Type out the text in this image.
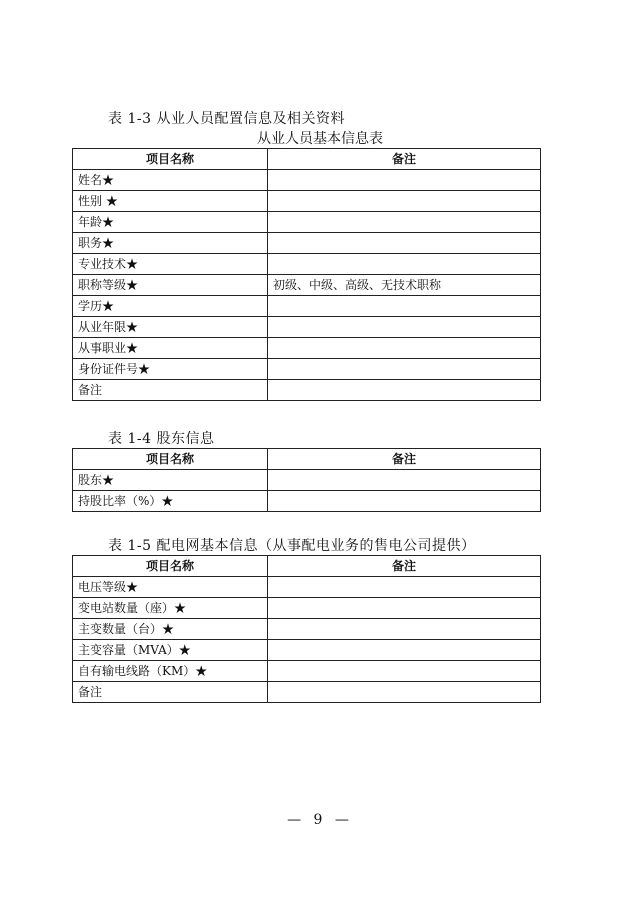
表 1-3 从业人员配置信息及相关资料
从业人员基本信息表
项目名称	备注
姓名★	
性别 ★	
年龄★	
职务★	
专业技术★	
职称等级★	初级、中级、高级、无技术职称
学历★	
从业年限★	
从事职业★	
身份证件号★	
备注	
表 1-4 股东信息
项目名称	备注
股东★	
持股比率（%）★	
表 1-5 配电网基本信息（从事配电业务的售电公司提供）
项目名称	备注
电压等级★	
变电站数量（座）★	
主变数量（台）★	
主变容量（MVA）★	
自有输电线路（KM）★	
备注	
— 9 —
